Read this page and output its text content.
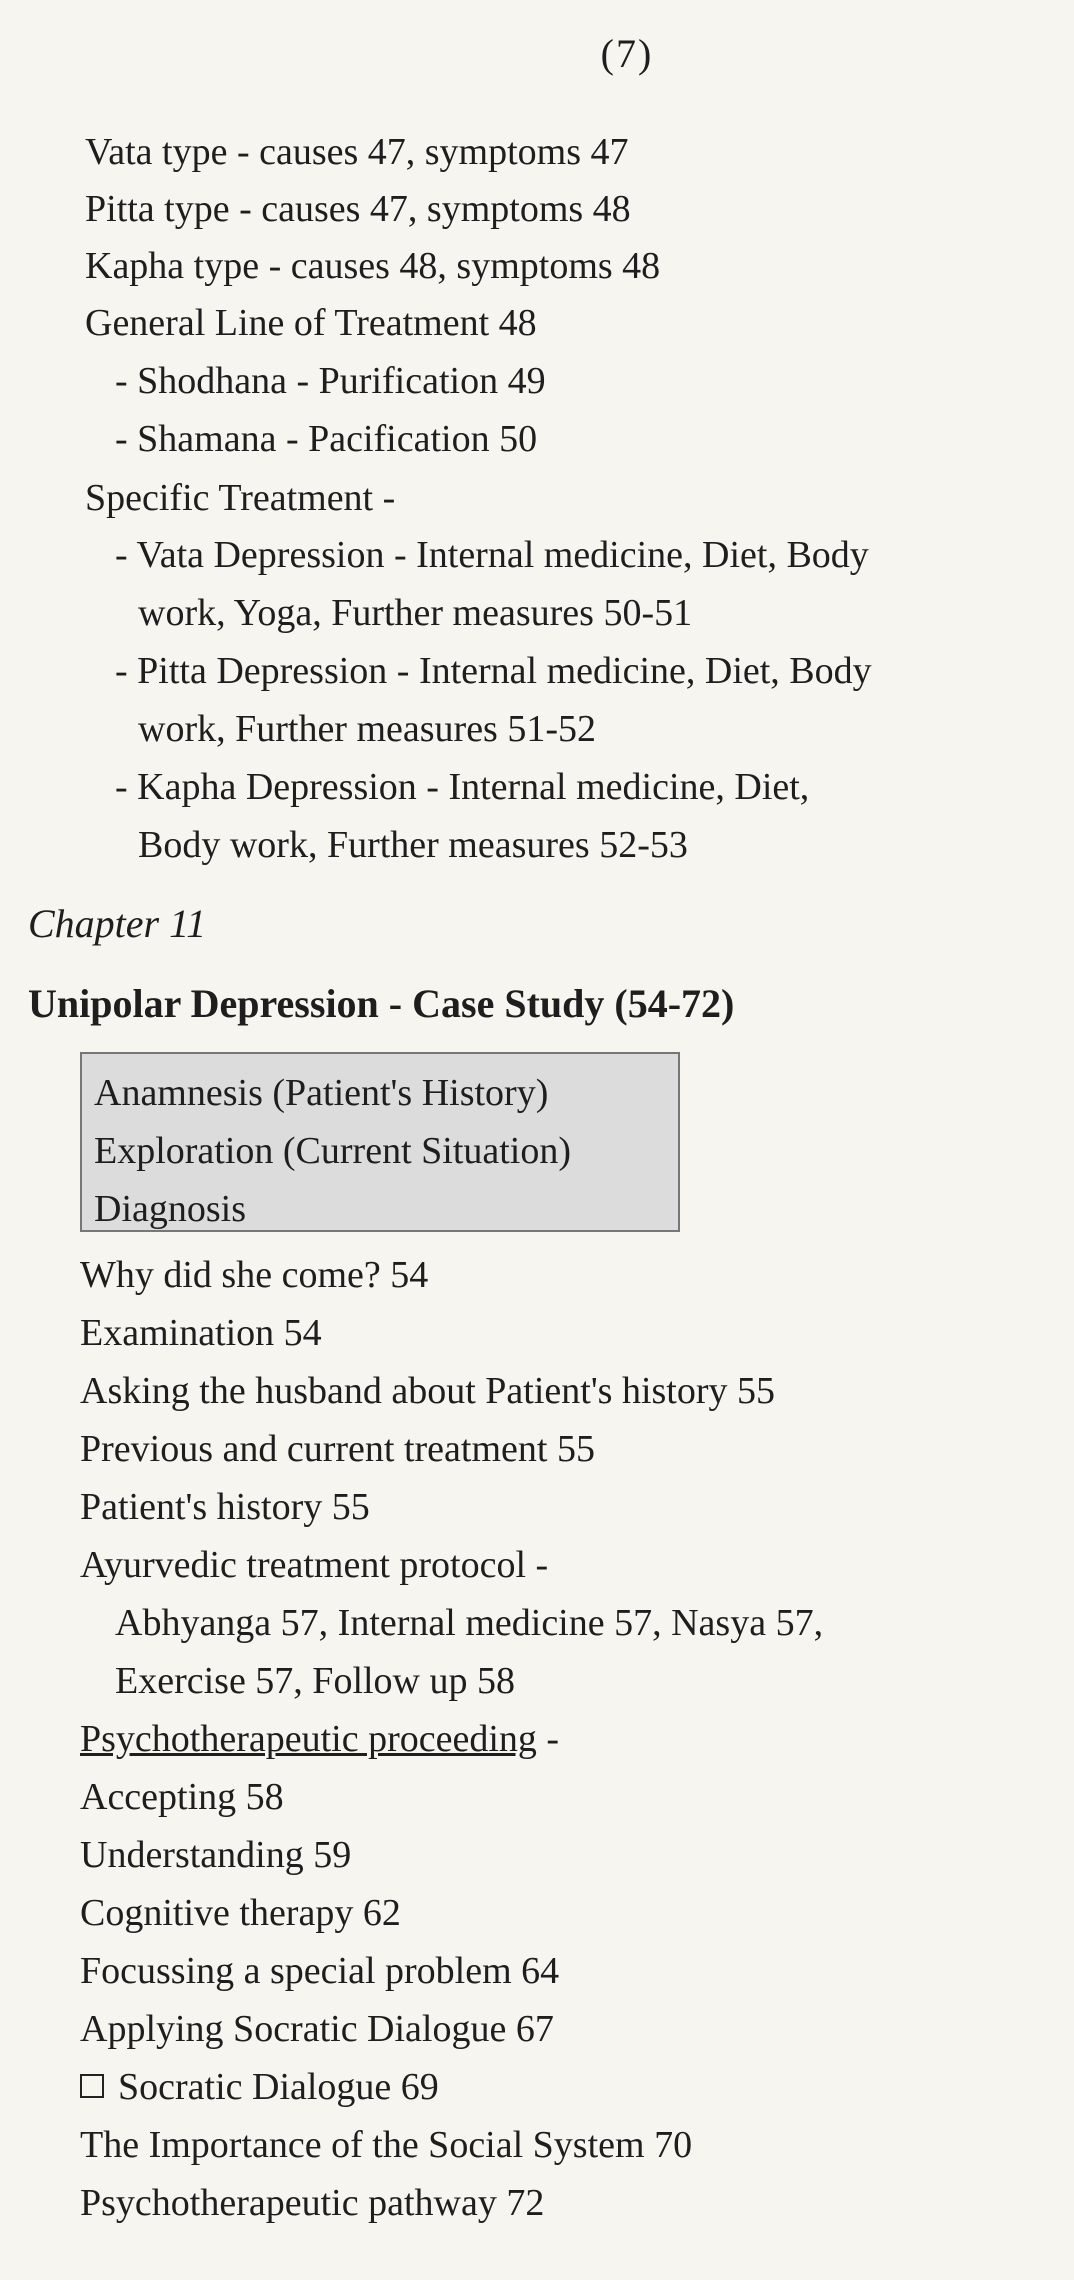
(7)
Vata type - causes 47, symptoms 47
Pitta type - causes 47, symptoms 48
Kapha type - causes 48, symptoms 48
General Line of Treatment 48
- Shodhana - Purification 49
- Shamana - Pacification 50
Specific Treatment -
- Vata Depression - Internal medicine, Diet, Body
work, Yoga, Further measures 50-51
- Pitta Depression - Internal medicine, Diet, Body
work, Further measures 51-52
- Kapha Depression - Internal medicine, Diet,
Body work, Further measures 52-53
Chapter 11
Unipolar Depression - Case Study (54-72)
Anamnesis (Patient's History)
Exploration (Current Situation)
Diagnosis
Why did she come? 54
Examination 54
Asking the husband about Patient's history 55
Previous and current treatment 55
Patient's history 55
Ayurvedic treatment protocol -
Abhyanga 57, Internal medicine 57, Nasya 57,
Exercise 57, Follow up 58
Psychotherapeutic proceeding -
Accepting 58
Understanding 59
Cognitive therapy 62
Focussing a special problem 64
Applying Socratic Dialogue 67
Socratic Dialogue 69
The Importance of the Social System 70
Psychotherapeutic pathway 72
